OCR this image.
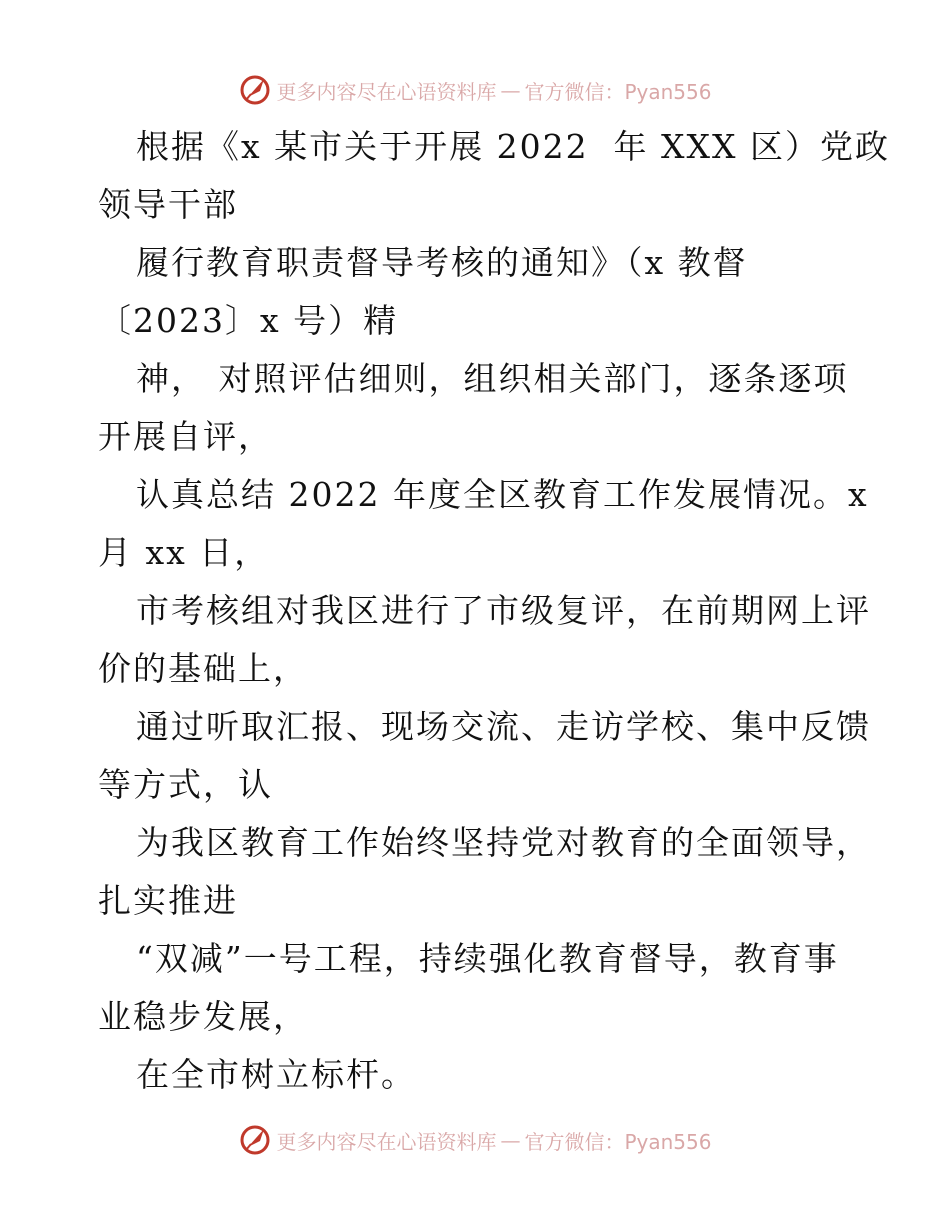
更多内容尽在心语资料库 — 官方微信：Pyan556
根据《x 某市关于开展 2022  年 XXX 区）党政
领导干部
履行教育职责督导考核的通知》（x 教督
〔2023〕x 号）精
神， 对照评估细则，组织相关部门，逐条逐项
开展自评，
认真总结 2022 年度全区教育工作发展情况。x
月 xx 日，
市考核组对我区进行了市级复评，在前期网上评
价的基础上，
通过听取汇报、现场交流、走访学校、集中反馈
等方式，认
为我区教育工作始终坚持党对教育的全面领导，
扎实推进
“双减”一号工程，持续强化教育督导，教育事
业稳步发展，
在全市树立标杆。
更多内容尽在心语资料库 — 官方微信：Pyan556
